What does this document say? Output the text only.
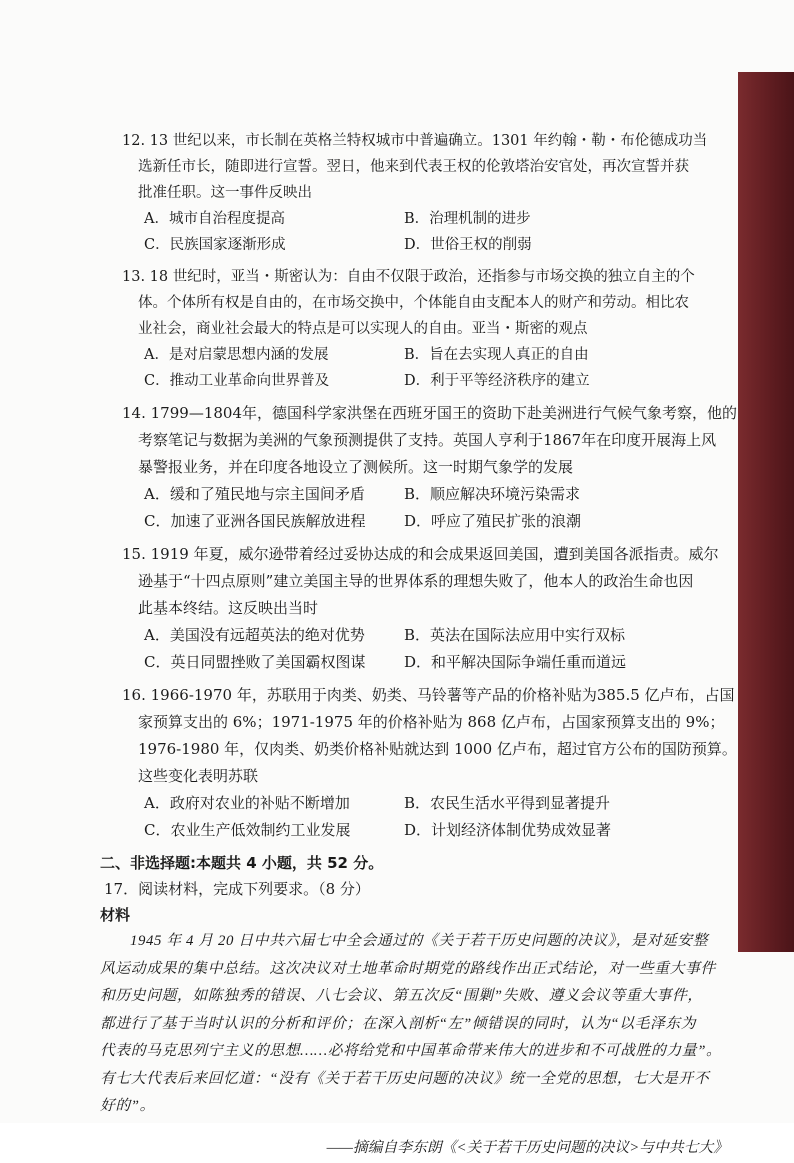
12. 13 世纪以来，市长制在英格兰特权城市中普遍确立。1301 年约翰・勒・布伦德成功当
选新任市长，随即进行宣誓。翌日，他来到代表王权的伦敦塔治安官处，再次宣誓并获
批准任职。这一事件反映出
A．城市自治程度提高	B．治理机制的进步
C．民族国家逐渐形成	D．世俗王权的削弱
13. 18 世纪时，亚当・斯密认为：自由不仅限于政治，还指参与市场交换的独立自主的个
体。个体所有权是自由的，在市场交换中，个体能自由支配本人的财产和劳动。相比农
业社会，商业社会最大的特点是可以实现人的自由。亚当・斯密的观点
A．是对启蒙思想内涵的发展	B．旨在去实现人真正的自由
C．推动工业革命向世界普及	D．利于平等经济秩序的建立
14. 1799—1804年，德国科学家洪堡在西班牙国王的资助下赴美洲进行气候气象考察，他的
考察笔记与数据为美洲的气象预测提供了支持。英国人亨利于1867年在印度开展海上风
暴警报业务，并在印度各地设立了测候所。这一时期气象学的发展
A．缓和了殖民地与宗主国间矛盾	B．顺应解决环境污染需求
C．加速了亚洲各国民族解放进程	D．呼应了殖民扩张的浪潮
15. 1919 年夏，威尔逊带着经过妥协达成的和会成果返回美国，遭到美国各派指责。威尔
逊基于“十四点原则”建立美国主导的世界体系的理想失败了，他本人的政治生命也因
此基本终结。这反映出当时
A．美国没有远超英法的绝对优势	B．英法在国际法应用中实行双标
C．英日同盟挫败了美国霸权图谋	D．和平解决国际争端任重而道远
16. 1966-1970 年，苏联用于肉类、奶类、马铃薯等产品的价格补贴为385.5 亿卢布，占国
家预算支出的 6%；1971-1975 年的价格补贴为 868 亿卢布，占国家预算支出的 9%；
1976-1980 年，仅肉类、奶类价格补贴就达到 1000 亿卢布，超过官方公布的国防预算。
这些变化表明苏联
A．政府对农业的补贴不断增加	B．农民生活水平得到显著提升
C．农业生产低效制约工业发展	D．计划经济体制优势成效显著
二、非选择题:本题共 4 小题，共 52 分。
17．阅读材料，完成下列要求。（8 分）
材料
1945 年 4 月 20 日中共六届七中全会通过的《关于若干历史问题的决议》，是对延安整
风运动成果的集中总结。这次决议对土地革命时期党的路线作出正式结论，对一些重大事件
和历史问题，如陈独秀的错误、八七会议、第五次反“围剿”失败、遵义会议等重大事件，
都进行了基于当时认识的分析和评价；在深入剖析“左”倾错误的同时，认为“以毛泽东为
代表的马克思列宁主义的思想……必将给党和中国革命带来伟大的进步和不可战胜的力量”。
有七大代表后来回忆道：“没有《关于若干历史问题的决议》统一全党的思想，七大是开不
好的”。
——摘编自李东朗《<关于若干历史问题的决议>与中共七大》
